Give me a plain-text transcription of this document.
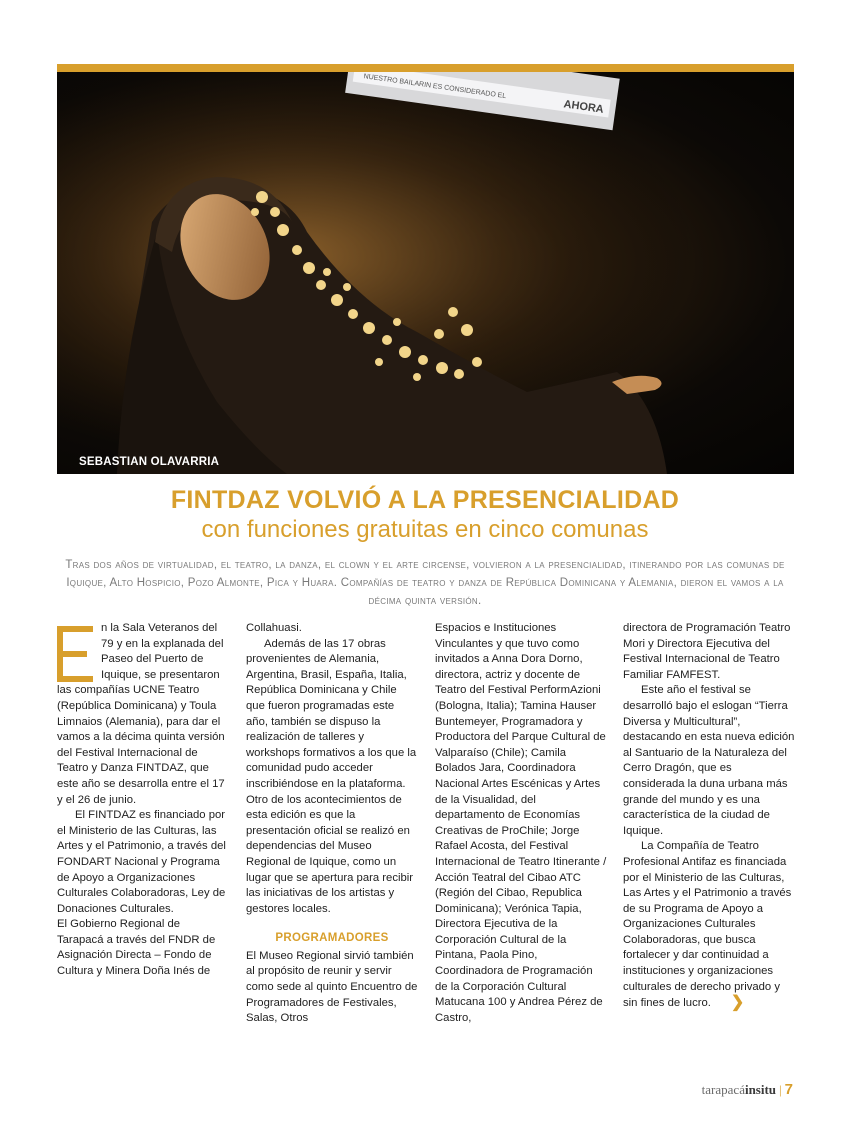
NUESTRO BAILARIN ES CONSIDERADO EL
AHORA
SEBASTIAN OLAVARRIA
FINTDAZ VOLVIÓ A LA PRESENCIALIDAD
con funciones gratuitas en cinco comunas
Tras dos años de virtualidad, el teatro, la danza, el clown y el arte circense, volvieron a la presencialidad, itinerando por las comunas de Iquique, Alto Hospicio, Pozo Almonte, Pica y Huara. Compañías de teatro y danza de República Dominicana y Alemania, dieron el vamos a la décima quinta versión.

n la Sala Veteranos del 79 y en la explanada del Paseo del Puerto de Iquique, se presentaron las compañías UCNE Teatro (República Dominicana) y Toula Limnaios (Alemania), para dar el vamos a la décima quinta versión del Festival Internacional de Teatro y Danza FINTDAZ, que este año se desarrolla entre el 17 y el 26 de junio.

El FINTDAZ es financiado por el Ministerio de las Culturas, las Artes y el Patrimonio, a través del FONDART Nacional y Programa de Apoyo a Organizaciones Culturales Colaboradoras, Ley de Donaciones Culturales.

El Gobierno Regional de Tarapacá a través del FNDR de Asignación Directa – Fondo de Cultura y Minera Doña Inés de

Collahuasi.

Además de las 17 obras provenientes de Alemania, Argentina, Brasil, España, Italia, República Dominicana y Chile que fueron programadas este año, también se dispuso la realización de talleres y workshops formativos a los que la comunidad pudo acceder inscribiéndose en la plataforma. Otro de los acontecimientos de esta edición es que la presentación oficial se realizó en dependencias del Museo Regional de Iquique, como un lugar que se apertura para recibir las iniciativas de los artistas y gestores locales.

PROGRAMADORES

El Museo Regional sirvió también al propósito de reunir y servir como sede al quinto Encuentro de Programadores de Festivales, Salas, Otros

Espacios e Instituciones Vinculantes y que tuvo como invitados a Anna Dora Dorno, directora, actriz y docente de Teatro del Festival PerformAzioni (Bologna, Italia); Tamina Hauser Buntemeyer, Programadora y Productora del Parque Cultural de Valparaíso (Chile); Camila Bolados Jara, Coordinadora Nacional Artes Escénicas y Artes de la Visualidad, del departamento de Economías Creativas de ProChile; Jorge Rafael Acosta, del Festival Internacional de Teatro Itinerante / Acción Teatral del Cibao ATC (Región del Cibao, Republica Dominicana); Verónica Tapia, Directora Ejecutiva de la Corporación Cultural de la Pintana, Paola Pino, Coordinadora de Programación de la Corporación Cultural Matucana 100 y Andrea Pérez de Castro,

directora de Programación Teatro Mori y Directora Ejecutiva del Festival Internacional de Teatro Familiar FAMFEST.

Este año el festival se desarrolló bajo el eslogan “Tierra Diversa y Multicultural”, destacando en esta nueva edición al Santuario de la Naturaleza del Cerro Dragón, que es considerada la duna urbana más grande del mundo y es una característica de la ciudad de Iquique.

La Compañía de Teatro Profesional Antifaz es financiada por el Ministerio de las Culturas, Las Artes y el Patrimonio a través de su Programa de Apoyo a Organizaciones Culturales Colaboradoras, que busca fortalecer y dar continuidad a instituciones y organizaciones culturales de derecho privado y sin fines de lucro. ❯

tarapacáinsitu | 7
